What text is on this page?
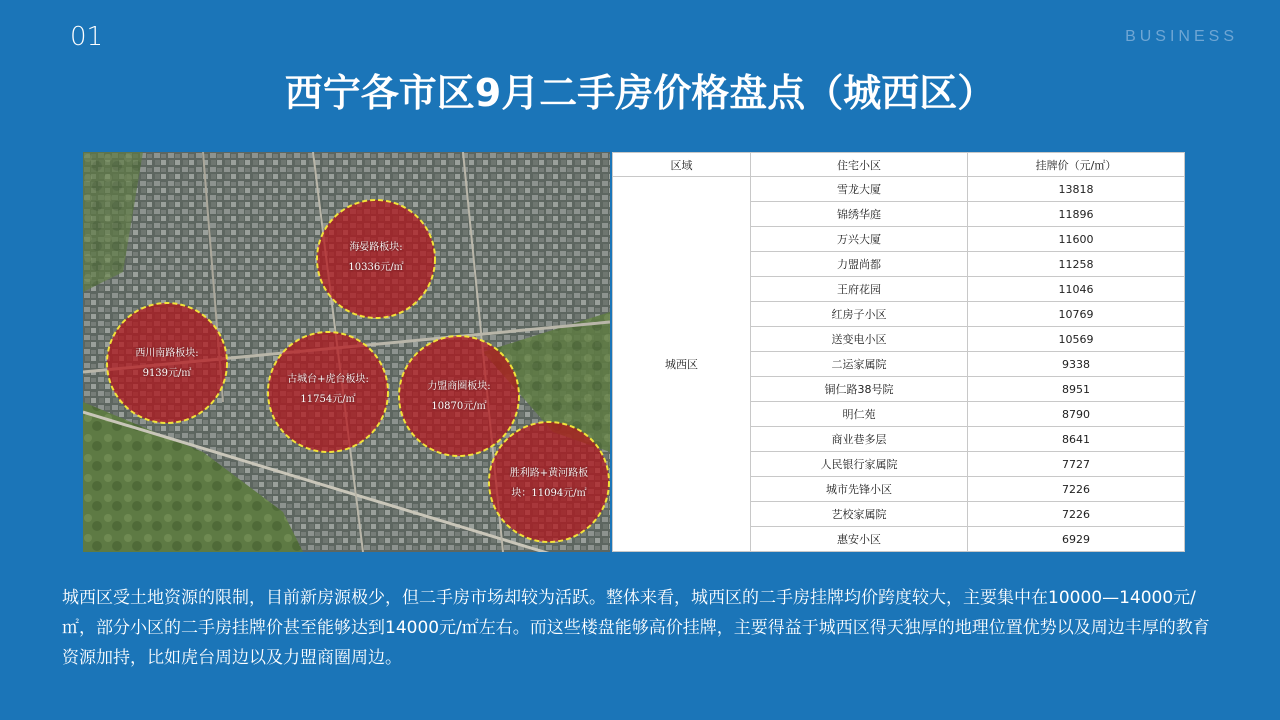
01	BUSINESS
西宁各市区9月二手房价格盘点（城西区）
海晏路板块:
10336元/㎡
西川南路板块:
9139元/㎡
古城台+虎台板块:
11754元/㎡
力盟商圈板块:
10870元/㎡
胜利路+黄河路板
块：11094元/㎡
区域	住宅小区	挂牌价（元/㎡）
城西区	雪龙大厦	13818
	锦绣华庭	11896
	万兴大厦	11600
	力盟尚都	11258
	王府花园	11046
	红房子小区	10769
	送变电小区	10569
	二运家属院	9338
	铜仁路38号院	8951
	明仁苑	8790
	商业巷多层	8641
	人民银行家属院	7727
	城市先锋小区	7226
	艺校家属院	7226
	惠安小区	6929
城西区受土地资源的限制，目前新房源极少，但二手房市场却较为活跃。整体来看，城西区的二手房挂牌均价跨度较大，主要集中在10000—14000元/㎡，部分小区的二手房挂牌价甚至能够达到14000元/㎡左右。而这些楼盘能够高价挂牌，主要得益于城西区得天独厚的地理位置优势以及周边丰厚的教育资源加持，比如虎台周边以及力盟商圈周边。
